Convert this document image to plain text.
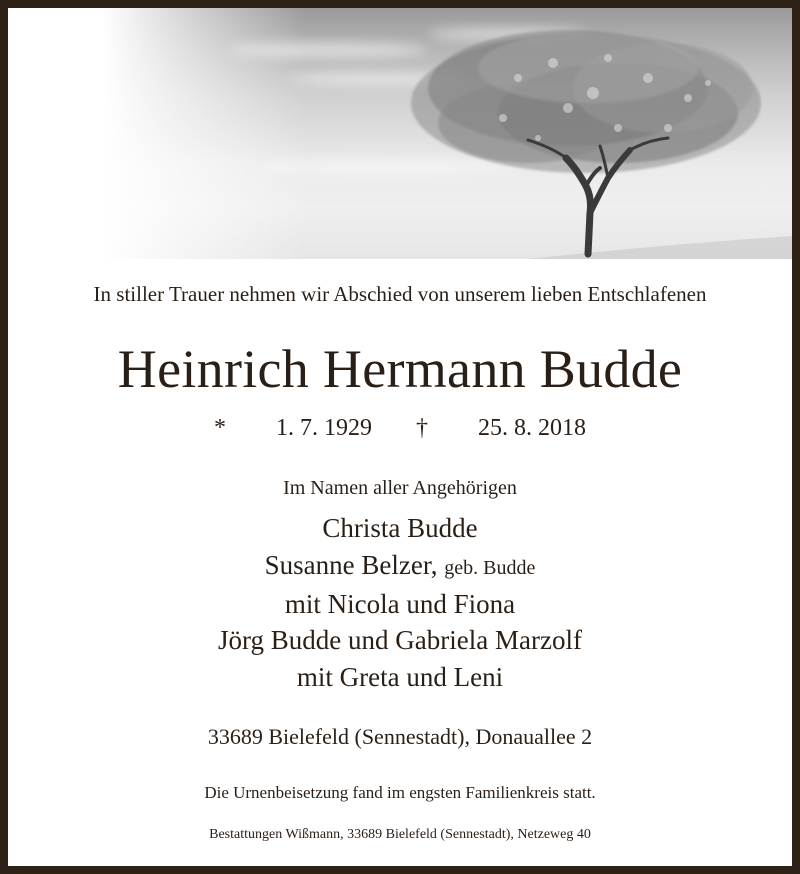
In stiller Trauer nehmen wir Abschied von unserem lieben Entschlafenen
Heinrich Hermann Budde
* 1. 7. 1929 † 25. 8. 2018
Im Namen aller Angehörigen
Christa Budde
Susanne Belzer, geb. Budde
mit Nicola und Fiona
Jörg Budde und Gabriela Marzolf
mit Greta und Leni
33689 Bielefeld (Sennestadt), Donauallee 2
Die Urnenbeisetzung fand im engsten Familienkreis statt.
Bestattungen Wißmann, 33689 Bielefeld (Sennestadt), Netzeweg 40
